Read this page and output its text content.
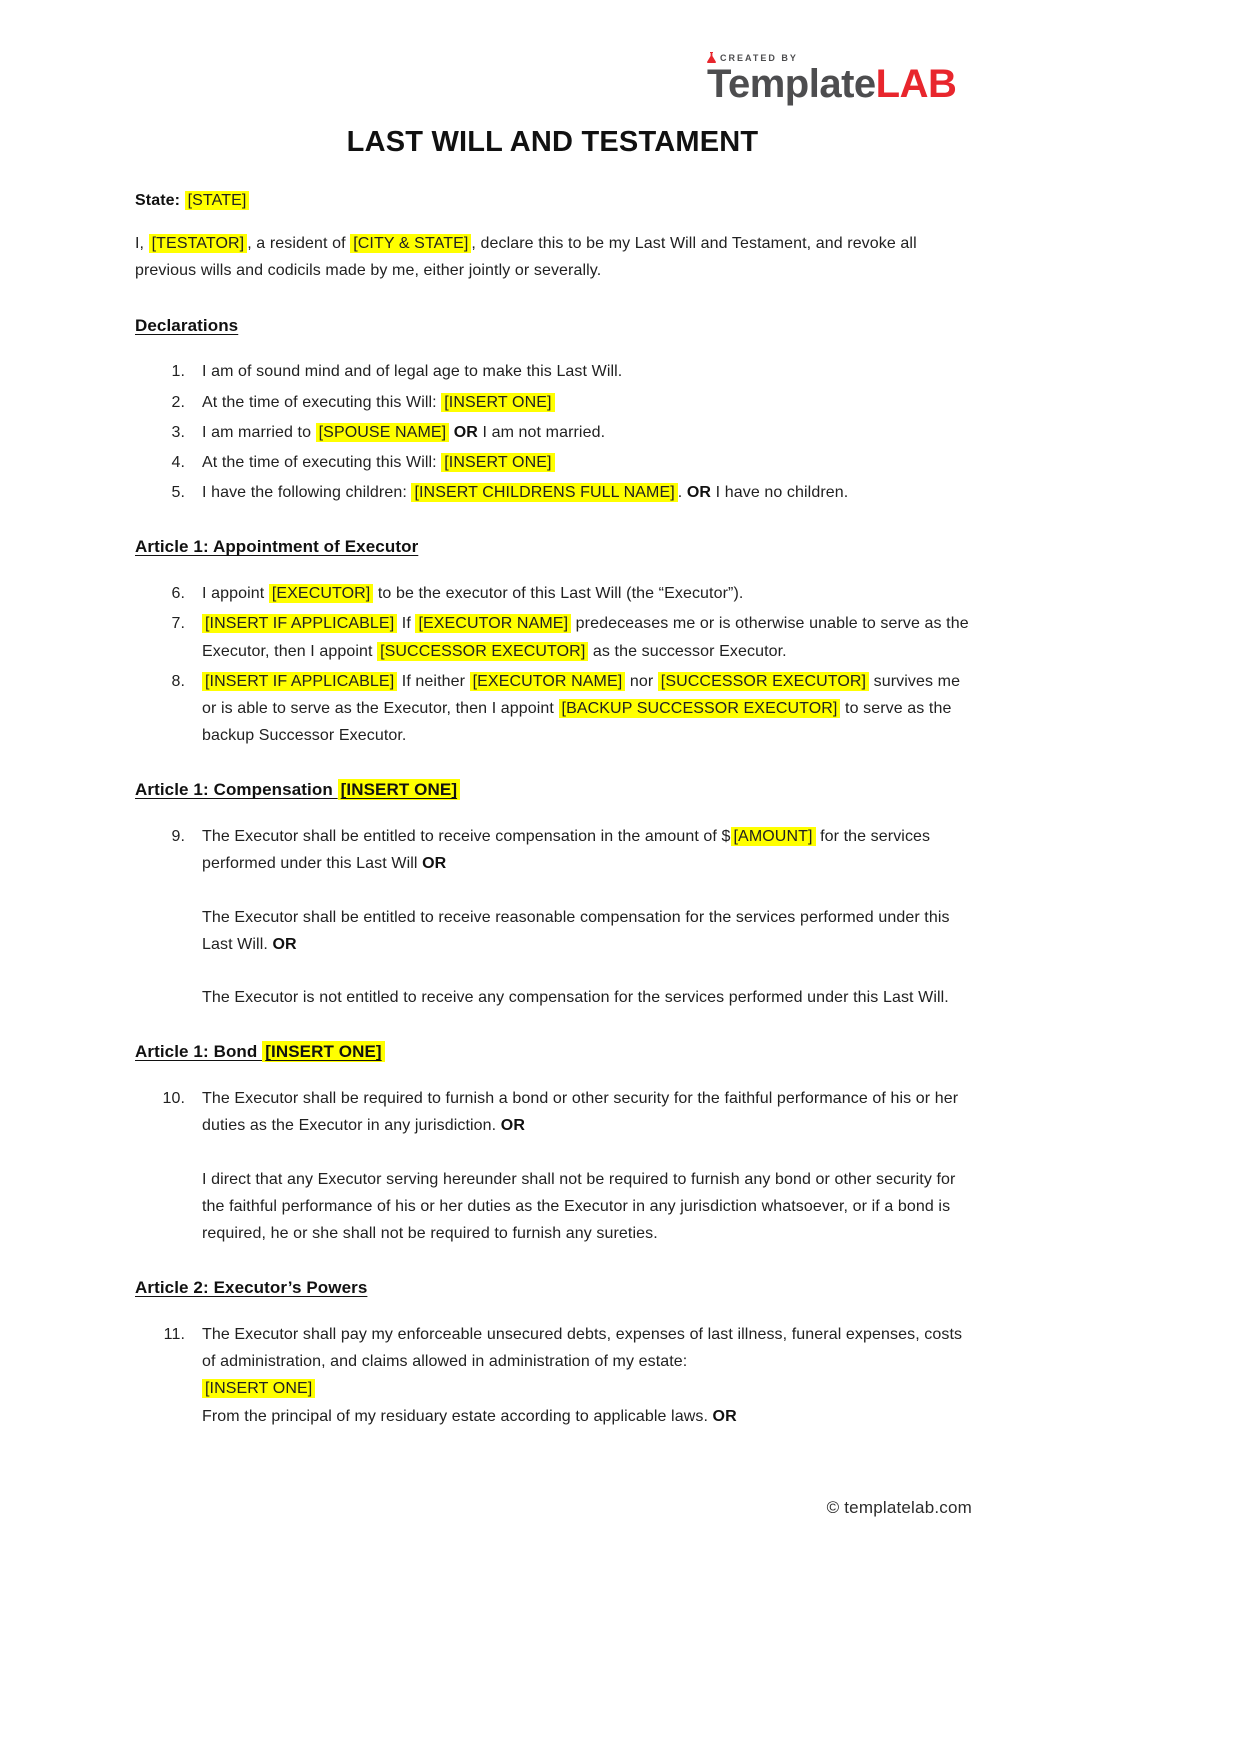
CREATED BY
TemplateLAB
LAST WILL AND TESTAMENT
State: [STATE]
I, [TESTATOR] , a resident of [CITY & STATE] , declare this to be my Last Will and Testament, and revoke all previous wills and codicils made by me, either jointly or severally.
Declarations
1. I am of sound mind and of legal age to make this Last Will.
2. At the time of executing this Will: [INSERT ONE]
3. I am married to [SPOUSE NAME] OR I am not married.
4. At the time of executing this Will: [INSERT ONE]
5. I have the following children: [INSERT CHILDRENS FULL NAME] . OR I have no children.
Article 1: Appointment of Executor
6. I appoint [EXECUTOR] to be the executor of this Last Will (the “Executor”).
7. [INSERT IF APPLICABLE] If [EXECUTOR NAME] predeceases me or is otherwise unable to serve as the Executor, then I appoint [SUCCESSOR EXECUTOR] as the successor Executor.
8. [INSERT IF APPLICABLE] If neither [EXECUTOR NAME] nor [SUCCESSOR EXECUTOR] survives me or is able to serve as the Executor, then I appoint [BACKUP SUCCESSOR EXECUTOR] to serve as the backup Successor Executor.
Article 1: Compensation [INSERT ONE]
9. The Executor shall be entitled to receive compensation in the amount of $ [AMOUNT] for the services performed under this Last Will OR
The Executor shall be entitled to receive reasonable compensation for the services performed under this Last Will. OR
The Executor is not entitled to receive any compensation for the services performed under this Last Will.
Article 1: Bond [INSERT ONE]
10. The Executor shall be required to furnish a bond or other security for the faithful performance of his or her duties as the Executor in any jurisdiction. OR
I direct that any Executor serving hereunder shall not be required to furnish any bond or other security for the faithful performance of his or her duties as the Executor in any jurisdiction whatsoever, or if a bond is required, he or she shall not be required to furnish any sureties.
Article 2: Executor’s Powers
11. The Executor shall pay my enforceable unsecured debts, expenses of last illness, funeral expenses, costs of administration, and claims allowed in administration of my estate:
[INSERT ONE]
From the principal of my residuary estate according to applicable laws. OR
© templatelab.com
